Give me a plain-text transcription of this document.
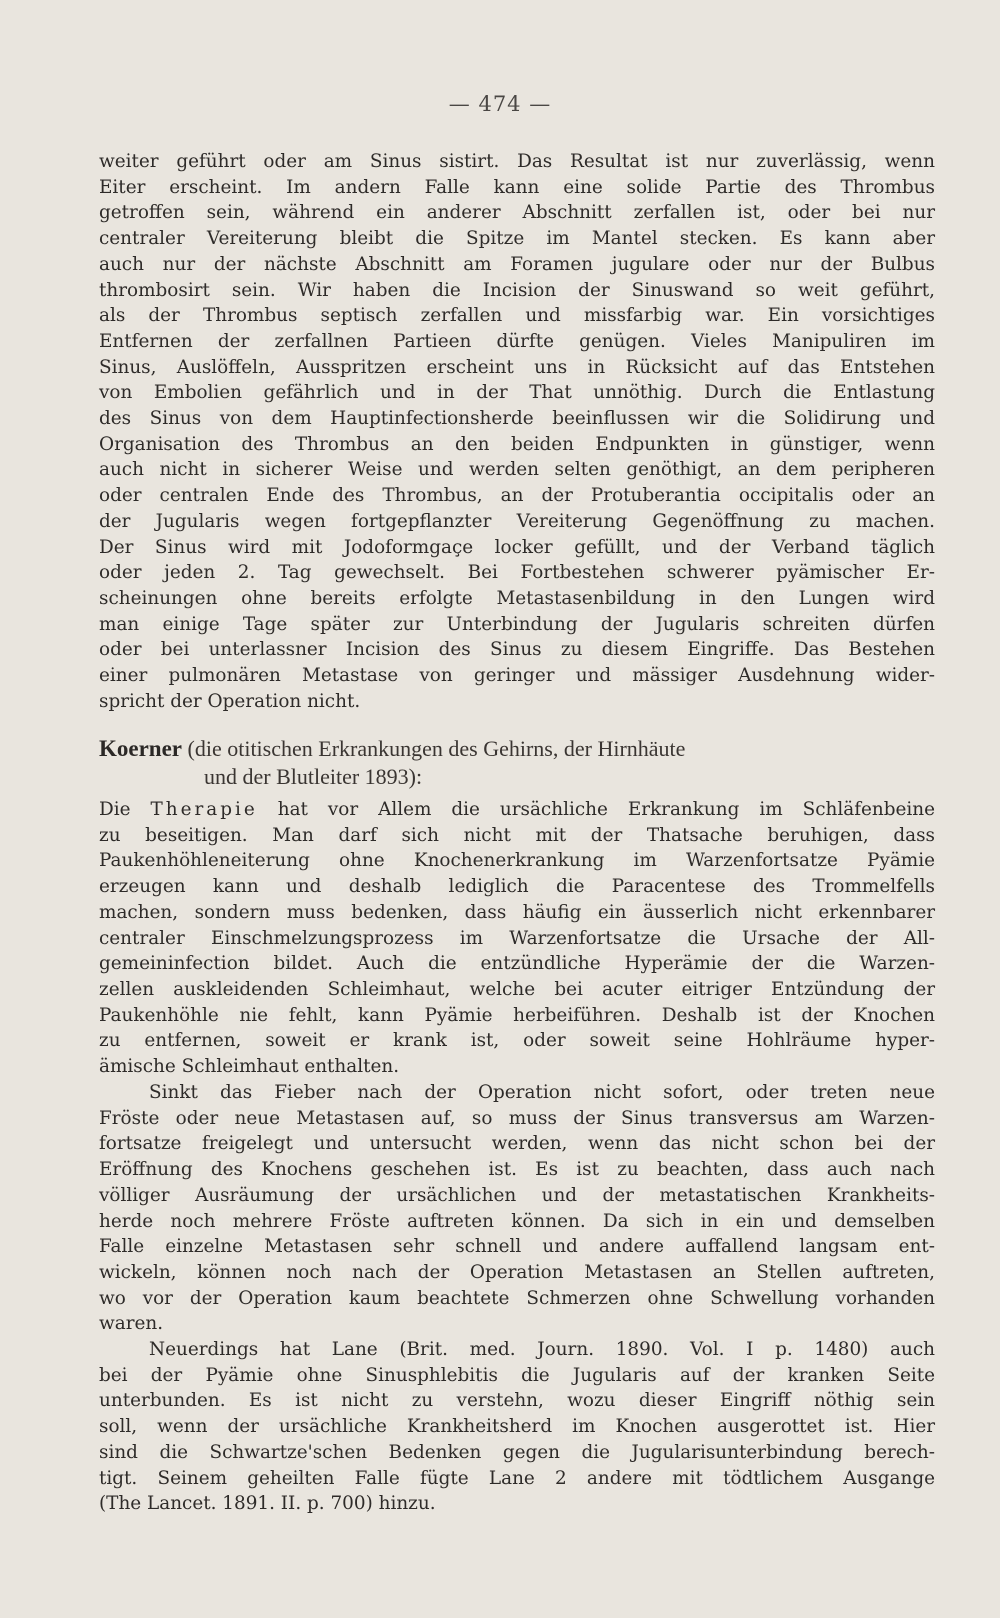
— 474 —
weiter geführt oder am Sinus sistirt. Das Resultat ist nur zuverlässig, wenn
Eiter erscheint. Im andern Falle kann eine solide Partie des Thrombus
getroffen sein, während ein anderer Abschnitt zerfallen ist, oder bei nur
centraler Vereiterung bleibt die Spitze im Mantel stecken. Es kann aber
auch nur der nächste Abschnitt am Foramen jugulare oder nur der Bulbus
thrombosirt sein. Wir haben die Incision der Sinuswand so weit geführt,
als der Thrombus septisch zerfallen und missfarbig war. Ein vorsichtiges
Entfernen der zerfallnen Partieen dürfte genügen. Vieles Manipuliren im
Sinus, Auslöffeln, Ausspritzen erscheint uns in Rücksicht auf das Entstehen
von Embolien gefährlich und in der That unnöthig. Durch die Entlastung
des Sinus von dem Hauptinfectionsherde beeinflussen wir die Solidirung und
Organisation des Thrombus an den beiden Endpunkten in günstiger, wenn
auch nicht in sicherer Weise und werden selten genöthigt, an dem peripheren
oder centralen Ende des Thrombus, an der Protuberantia occipitalis oder an
der Jugularis wegen fortgepflanzter Vereiterung Gegenöffnung zu machen.
Der Sinus wird mit Jodoformgaçe locker gefüllt, und der Verband täglich
oder jeden 2. Tag gewechselt. Bei Fortbestehen schwerer pyämischer Er-
scheinungen ohne bereits erfolgte Metastasenbildung in den Lungen wird
man einige Tage später zur Unterbindung der Jugularis schreiten dürfen
oder bei unterlassner Incision des Sinus zu diesem Eingriffe. Das Bestehen
einer pulmonären Metastase von geringer und mässiger Ausdehnung wider-
spricht der Operation nicht.
Koerner (die otitischen Erkrankungen des Gehirns, der Hirnhäute
und der Blutleiter 1893):
Die Therapie hat vor Allem die ursächliche Erkrankung im Schläfenbeine
zu beseitigen. Man darf sich nicht mit der Thatsache beruhigen, dass
Paukenhöhleneiterung ohne Knochenerkrankung im Warzenfortsatze Pyämie
erzeugen kann und deshalb lediglich die Paracentese des Trommelfells
machen, sondern muss bedenken, dass häufig ein äusserlich nicht erkennbarer
centraler Einschmelzungsprozess im Warzenfortsatze die Ursache der All-
gemeininfection bildet. Auch die entzündliche Hyperämie der die Warzen-
zellen auskleidenden Schleimhaut, welche bei acuter eitriger Entzündung der
Paukenhöhle nie fehlt, kann Pyämie herbeiführen. Deshalb ist der Knochen
zu entfernen, soweit er krank ist, oder soweit seine Hohlräume hyper-
ämische Schleimhaut enthalten.
Sinkt das Fieber nach der Operation nicht sofort, oder treten neue
Fröste oder neue Metastasen auf, so muss der Sinus transversus am Warzen-
fortsatze freigelegt und untersucht werden, wenn das nicht schon bei der
Eröffnung des Knochens geschehen ist. Es ist zu beachten, dass auch nach
völliger Ausräumung der ursächlichen und der metastatischen Krankheits-
herde noch mehrere Fröste auftreten können. Da sich in ein und demselben
Falle einzelne Metastasen sehr schnell und andere auffallend langsam ent-
wickeln, können noch nach der Operation Metastasen an Stellen auftreten,
wo vor der Operation kaum beachtete Schmerzen ohne Schwellung vorhanden
waren.
Neuerdings hat Lane (Brit. med. Journ. 1890. Vol. I p. 1480) auch
bei der Pyämie ohne Sinusphlebitis die Jugularis auf der kranken Seite
unterbunden. Es ist nicht zu verstehn, wozu dieser Eingriff nöthig sein
soll, wenn der ursächliche Krankheitsherd im Knochen ausgerottet ist. Hier
sind die Schwartze'schen Bedenken gegen die Jugularisunterbindung berech-
tigt. Seinem geheilten Falle fügte Lane 2 andere mit tödtlichem Ausgange
(The Lancet. 1891. II. p. 700) hinzu.
